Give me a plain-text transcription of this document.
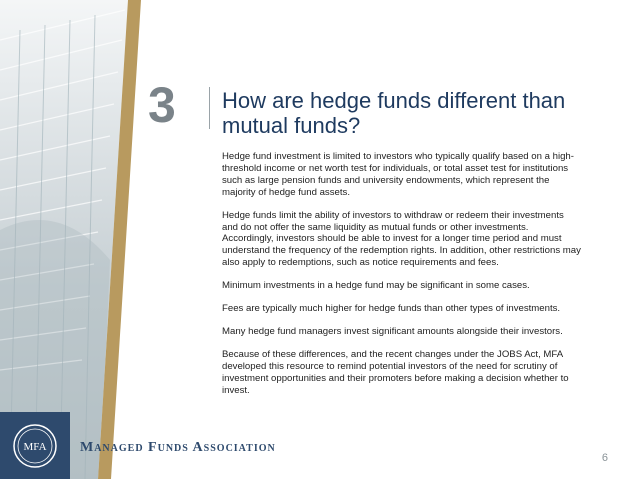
MFA Managed Funds Association
3 How are hedge funds different than mutual funds?

Hedge fund investment is limited to investors who typically qualify based on a high-threshold income or net worth test for individuals, or total asset test for institutions such as large pension funds and university endowments, which represent the majority of hedge fund assets.

Hedge funds limit the ability of investors to withdraw or redeem their investments and do not offer the same liquidity as mutual funds or other investments. Accordingly, investors should be able to invest for a longer time period and must understand the frequency of the redemption rights. In addition, other restrictions may also apply to redemptions, such as notice requirements and fees.

Minimum investments in a hedge fund may be significant in some cases.

Fees are typically much higher for hedge funds than other types of investments.

Many hedge fund managers invest significant amounts alongside their investors.

Because of these differences, and the recent changes under the JOBS Act, MFA developed this resource to remind potential investors of the need for scrutiny of investment opportunities and their promoters before making a decision whether to invest.

6
